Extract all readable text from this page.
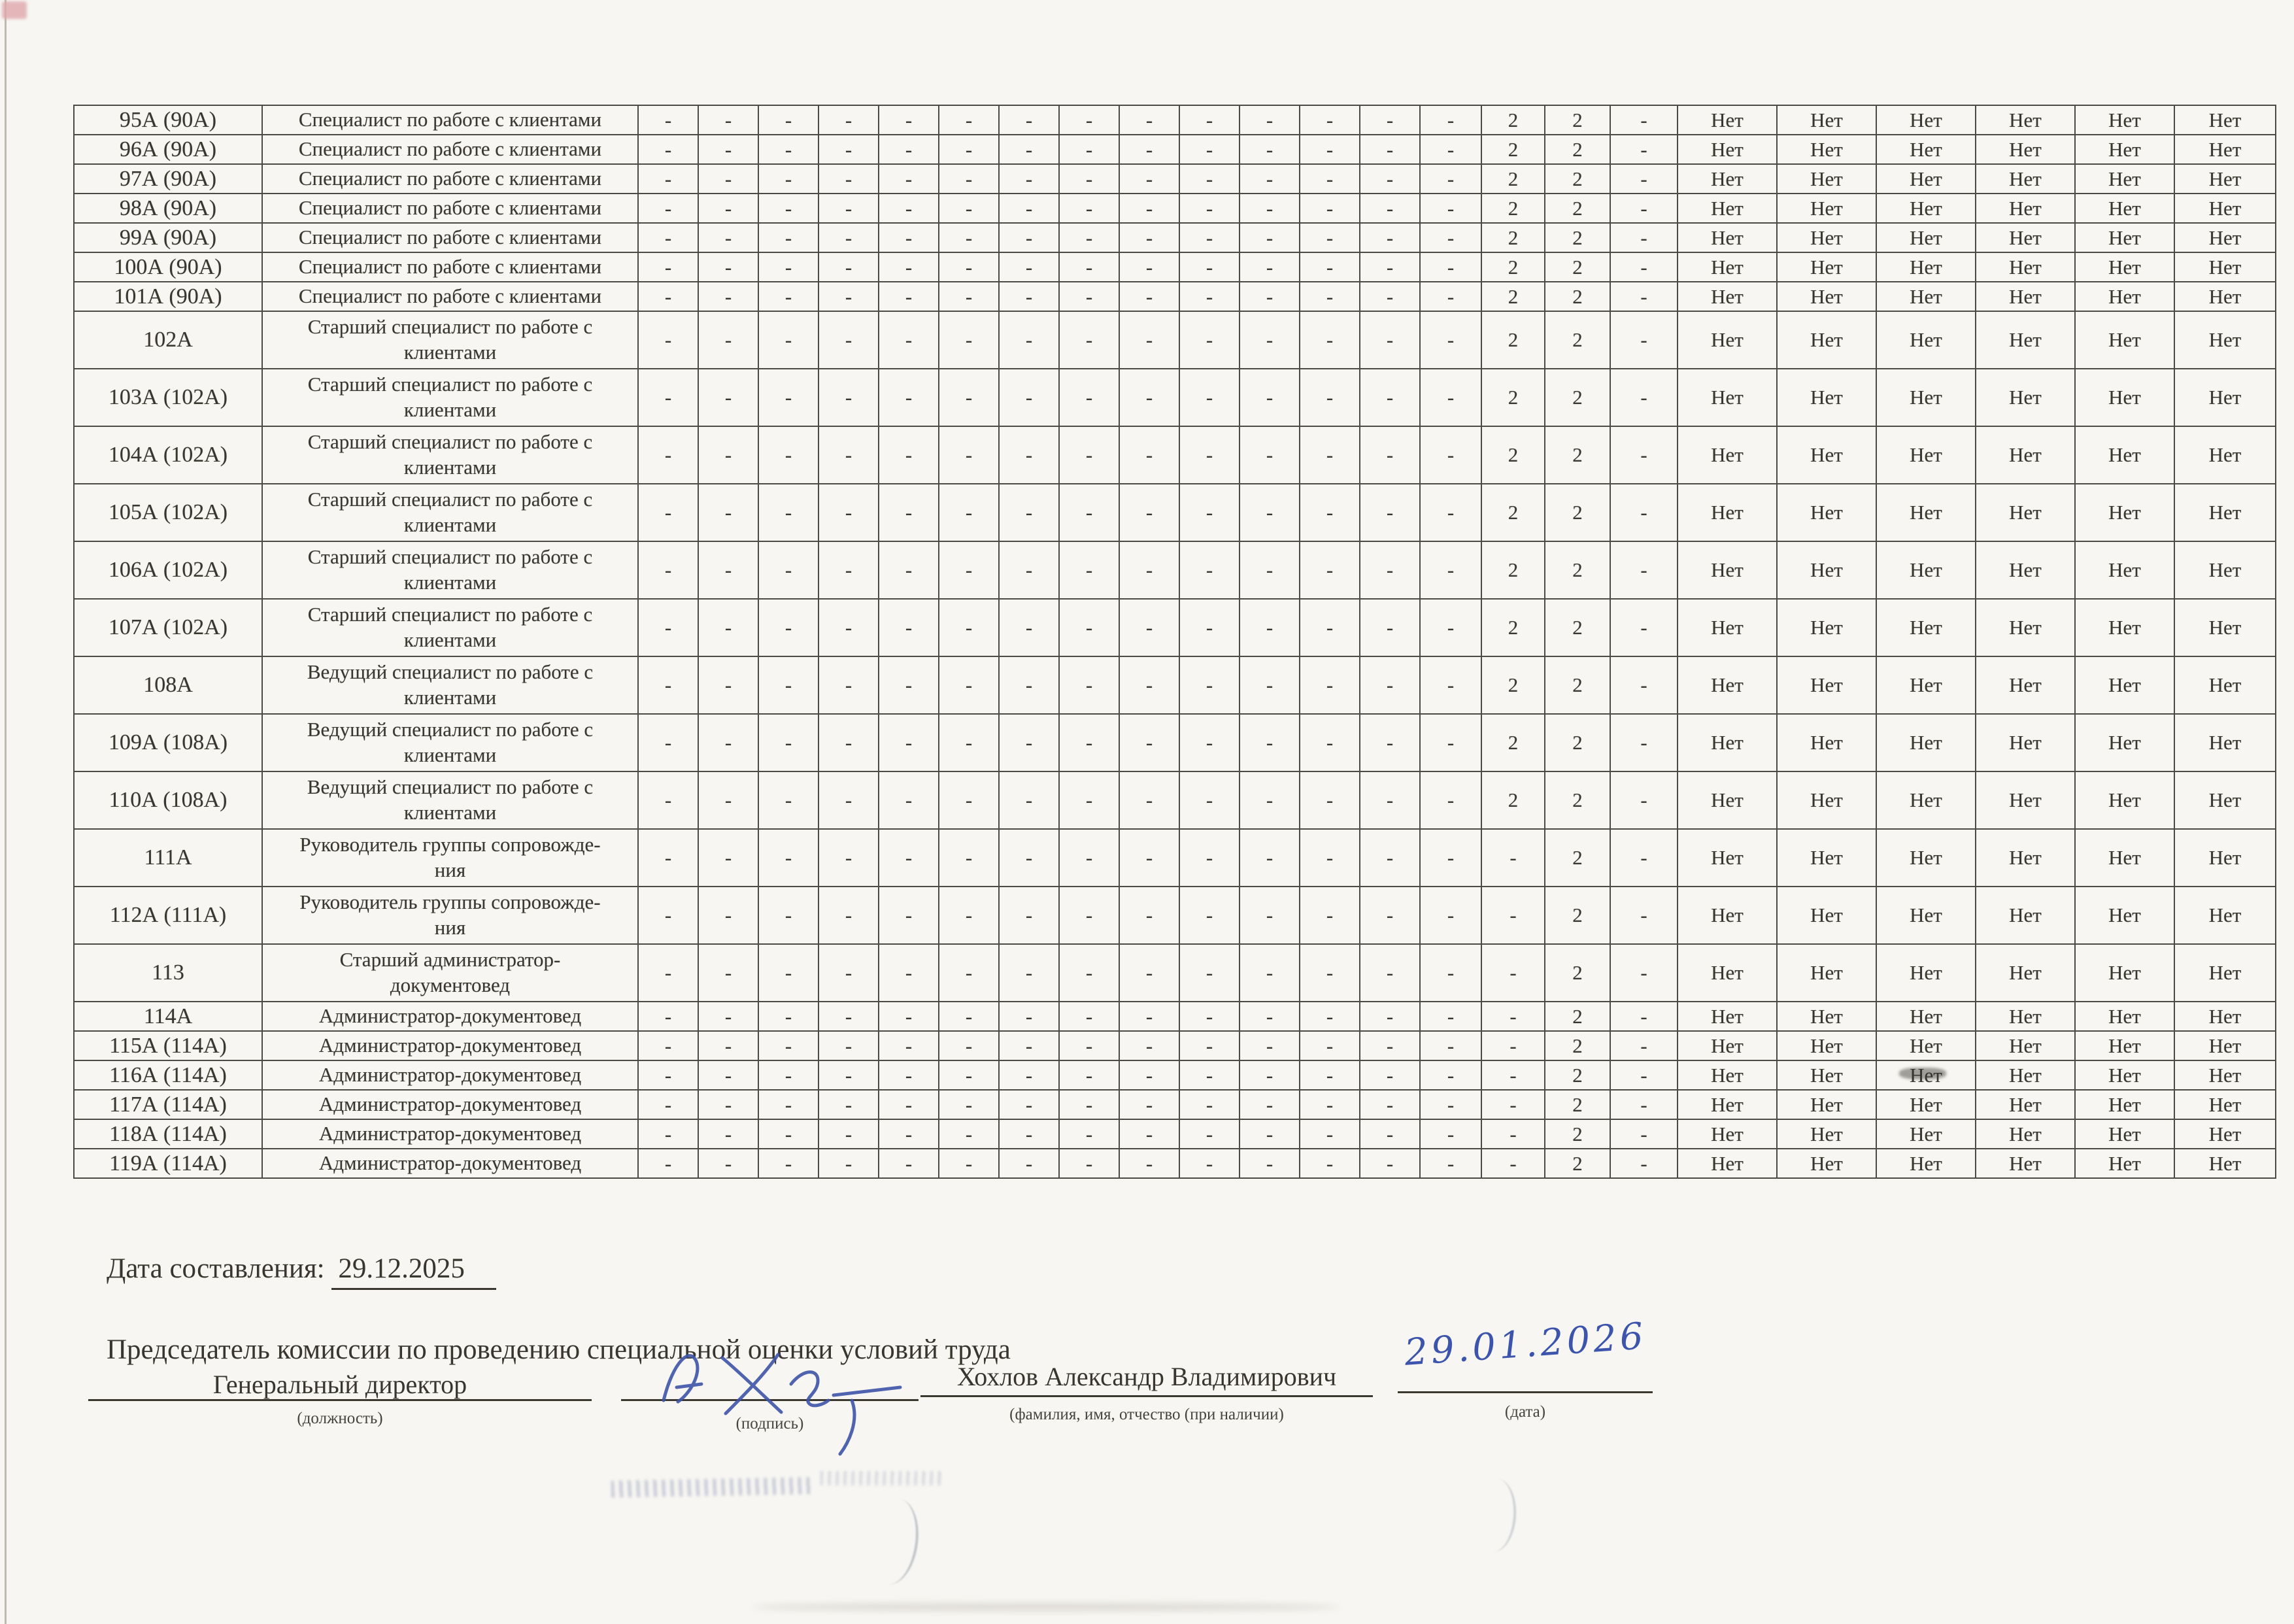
95А (90А)	Специалист по работе с клиентами	-	-	-	-	-	-	-	-	-	-	-	-	-	-	2	2	-	Нет	Нет	Нет	Нет	Нет	Нет
96А (90А)	Специалист по работе с клиентами	-	-	-	-	-	-	-	-	-	-	-	-	-	-	2	2	-	Нет	Нет	Нет	Нет	Нет	Нет
97А (90А)	Специалист по работе с клиентами	-	-	-	-	-	-	-	-	-	-	-	-	-	-	2	2	-	Нет	Нет	Нет	Нет	Нет	Нет
98А (90А)	Специалист по работе с клиентами	-	-	-	-	-	-	-	-	-	-	-	-	-	-	2	2	-	Нет	Нет	Нет	Нет	Нет	Нет
99А (90А)	Специалист по работе с клиентами	-	-	-	-	-	-	-	-	-	-	-	-	-	-	2	2	-	Нет	Нет	Нет	Нет	Нет	Нет
100А (90А)	Специалист по работе с клиентами	-	-	-	-	-	-	-	-	-	-	-	-	-	-	2	2	-	Нет	Нет	Нет	Нет	Нет	Нет
101А (90А)	Специалист по работе с клиентами	-	-	-	-	-	-	-	-	-	-	-	-	-	-	2	2	-	Нет	Нет	Нет	Нет	Нет	Нет
102А	Старший специалист по работе с
клиентами	-	-	-	-	-	-	-	-	-	-	-	-	-	-	2	2	-	Нет	Нет	Нет	Нет	Нет	Нет
103А (102А)	Старший специалист по работе с
клиентами	-	-	-	-	-	-	-	-	-	-	-	-	-	-	2	2	-	Нет	Нет	Нет	Нет	Нет	Нет
104А (102А)	Старший специалист по работе с
клиентами	-	-	-	-	-	-	-	-	-	-	-	-	-	-	2	2	-	Нет	Нет	Нет	Нет	Нет	Нет
105А (102А)	Старший специалист по работе с
клиентами	-	-	-	-	-	-	-	-	-	-	-	-	-	-	2	2	-	Нет	Нет	Нет	Нет	Нет	Нет
106А (102А)	Старший специалист по работе с
клиентами	-	-	-	-	-	-	-	-	-	-	-	-	-	-	2	2	-	Нет	Нет	Нет	Нет	Нет	Нет
107А (102А)	Старший специалист по работе с
клиентами	-	-	-	-	-	-	-	-	-	-	-	-	-	-	2	2	-	Нет	Нет	Нет	Нет	Нет	Нет
108А	Ведущий специалист по работе с
клиентами	-	-	-	-	-	-	-	-	-	-	-	-	-	-	2	2	-	Нет	Нет	Нет	Нет	Нет	Нет
109А (108А)	Ведущий специалист по работе с
клиентами	-	-	-	-	-	-	-	-	-	-	-	-	-	-	2	2	-	Нет	Нет	Нет	Нет	Нет	Нет
110А (108А)	Ведущий специалист по работе с
клиентами	-	-	-	-	-	-	-	-	-	-	-	-	-	-	2	2	-	Нет	Нет	Нет	Нет	Нет	Нет
111А	Руководитель группы сопровожде-
ния	-	-	-	-	-	-	-	-	-	-	-	-	-	-	-	2	-	Нет	Нет	Нет	Нет	Нет	Нет
112А (111А)	Руководитель группы сопровожде-
ния	-	-	-	-	-	-	-	-	-	-	-	-	-	-	-	2	-	Нет	Нет	Нет	Нет	Нет	Нет
113	Старший администратор-
документовед	-	-	-	-	-	-	-	-	-	-	-	-	-	-	-	2	-	Нет	Нет	Нет	Нет	Нет	Нет
114А	Администратор-документовед	-	-	-	-	-	-	-	-	-	-	-	-	-	-	-	2	-	Нет	Нет	Нет	Нет	Нет	Нет
115А (114А)	Администратор-документовед	-	-	-	-	-	-	-	-	-	-	-	-	-	-	-	2	-	Нет	Нет	Нет	Нет	Нет	Нет
116А (114А)	Администратор-документовед	-	-	-	-	-	-	-	-	-	-	-	-	-	-	-	2	-	Нет	Нет	Нет	Нет	Нет	Нет
117А (114А)	Администратор-документовед	-	-	-	-	-	-	-	-	-	-	-	-	-	-	-	2	-	Нет	Нет	Нет	Нет	Нет	Нет
118А (114А)	Администратор-документовед	-	-	-	-	-	-	-	-	-	-	-	-	-	-	-	2	-	Нет	Нет	Нет	Нет	Нет	Нет
119А (114А)	Администратор-документовед	-	-	-	-	-	-	-	-	-	-	-	-	-	-	-	2	-	Нет	Нет	Нет	Нет	Нет	Нет
Дата составления: 29.12.2025
Председатель комиссии по проведению специальной оценки условий труда
Генеральный директор	Хохлов Александр Владимирович
(должность)	(подпись)
(фамилия, имя, отчество (при наличии)	(дата)
29.01.2026
